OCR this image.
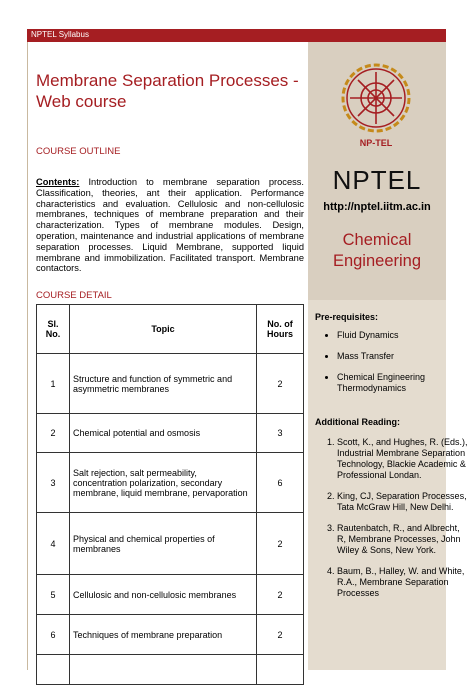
NPTEL Syllabus
Membrane Separation Processes - Web course
COURSE OUTLINE
Contents: Introduction to membrane separation process. Classification, theories, ant their application. Performance characteristics and evaluation. Cellulosic and non-cellulosic membranes, techniques of membrane preparation and their characterization. Types of membrane modules. Design, operation, maintenance and industrial applications of membrane separation processes. Liquid Membrane, supported liquid membrane and immobilization. Facilitated transport. Membrane contactors.
COURSE DETAIL
Sl. No.	Topic	No. of Hours
1	Structure and function of symmetric and asymmetric membranes	2
2	Chemical potential and osmosis	3
3	Salt rejection, salt permeability, concentration polarization, secondary membrane, liquid membrane, pervaporation	6
4	Physical and chemical properties of membranes	2
5	Cellulosic and non-cellulosic membranes	2
6	Techniques of membrane preparation	2

NP-TEL
NPTEL
http://nptel.iitm.ac.in
Chemical Engineering
Pre-requisites:
• Fluid Dynamics
• Mass Transfer
• Chemical Engineering Thermodynamics
Additional Reading:
1. Scott, K., and Hughes, R. (Eds.), Industrial Membrane Separation Technology, Blackie Academic & Professional Londan.
2. King, CJ, Separation Processes, Tata McGraw Hill, New Delhi.
3. Rautenbatch, R., and Albrecht, R, Membrane Processes, John Wiley & Sons, New York.
4. Baum, B., Halley, W. and White, R.A., Membrane Separation Processes
